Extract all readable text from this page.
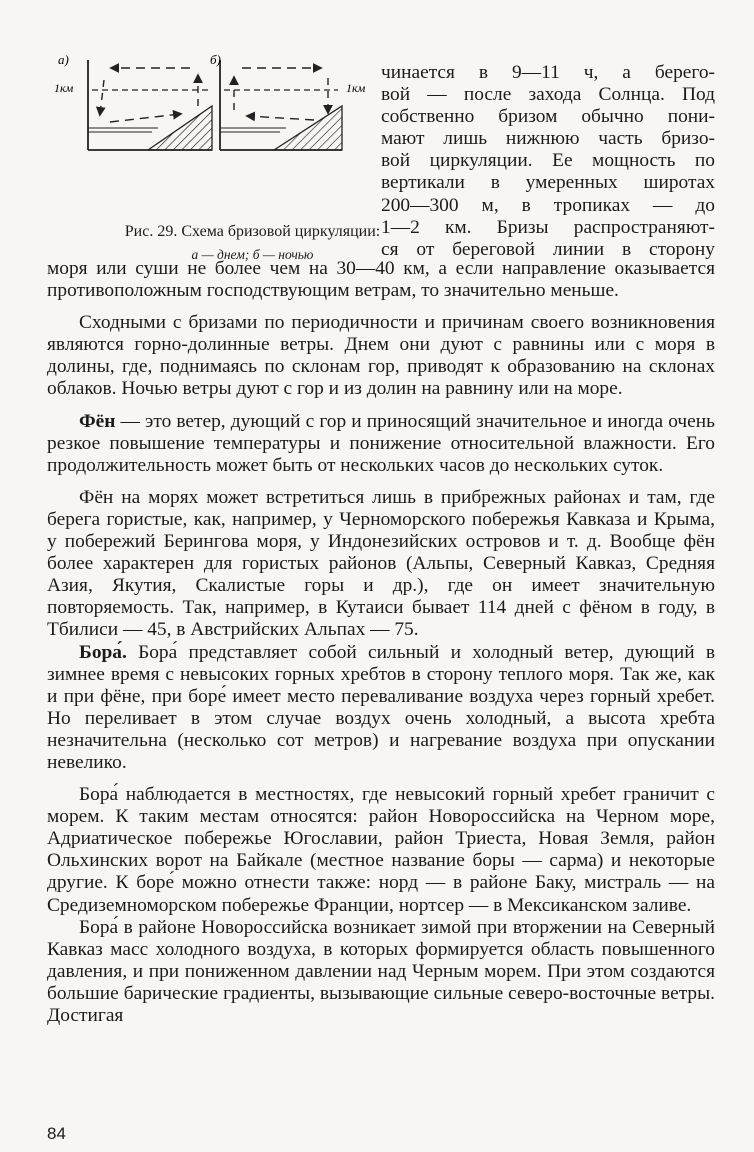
а)
1км
б)
1км
Рис. 29. Схема бризовой циркуляции:
а — днем; б — ночью
чинается в 9—11 ч, а берего-
вой — после захода Солнца. Под
собственно бризом обычно пони-
мают лишь нижнюю часть бризо-
вой циркуляции. Ее мощность по
вертикали в умеренных широтах
200—300 м, в тропиках — до
1—2 км. Бризы распространяют-
ся от береговой линии в сторону

моря или суши не более чем на 30—40 км, а если направление оказывается противоположным господствующим ветрам, то значительно меньше.

Сходными с бризами по периодичности и причинам своего возникновения являются горно-долинные ветры. Днем они дуют с равнины или с моря в долины, где, поднимаясь по склонам гор, приводят к образованию на склонах облаков. Ночью ветры дуют с гор и из долин на равнину или на море.

Фён — это ветер, дующий с гор и приносящий значительное и иногда очень резкое повышение температуры и понижение относительной влажности. Его продолжительность может быть от нескольких часов до нескольких суток.

Фён на морях может встретиться лишь в прибрежных районах и там, где берега гористые, как, например, у Черноморского побережья Кавказа и Крыма, у побережий Берингова моря, у Индонезийских островов и т. д. Вообще фён более характерен для гористых районов (Альпы, Северный Кавказ, Средняя Азия, Якутия, Скалистые горы и др.), где он имеет значительную повторяемость. Так, например, в Кутаиси бывает 114 дней с фёном в году, в Тбилиси — 45, в Австрийских Альпах — 75.

Бора́. Бора́ представляет собой сильный и холодный ветер, дующий в зимнее время с невысоких горных хребтов в сторону теплого моря. Так же, как и при фёне, при боре́ имеет место переваливание воздуха через горный хребет. Но переливает в этом случае воздух очень холодный, а высота хребта незначительна (несколько сот метров) и нагревание воздуха при опускании невелико.

Бора́ наблюдается в местностях, где невысокий горный хребет граничит с морем. К таким местам относятся: район Новороссийска на Черном море, Адриатическое побережье Югославии, район Триеста, Новая Земля, район Ольхинских ворот на Байкале (местное название боры — сарма) и некоторые другие. К боре́ можно отнести также: норд — в районе Баку, мистраль — на Средиземноморском побережье Франции, нортсер — в Мексиканском заливе.

Бора́ в районе Новороссийска возникает зимой при вторжении на Северный Кавказ масс холодного воздуха, в которых формируется область повышенного давления, и при пониженном давлении над Черным морем. При этом создаются большие барические градиенты, вызывающие сильные северо-восточные ветры. Достигая

84
